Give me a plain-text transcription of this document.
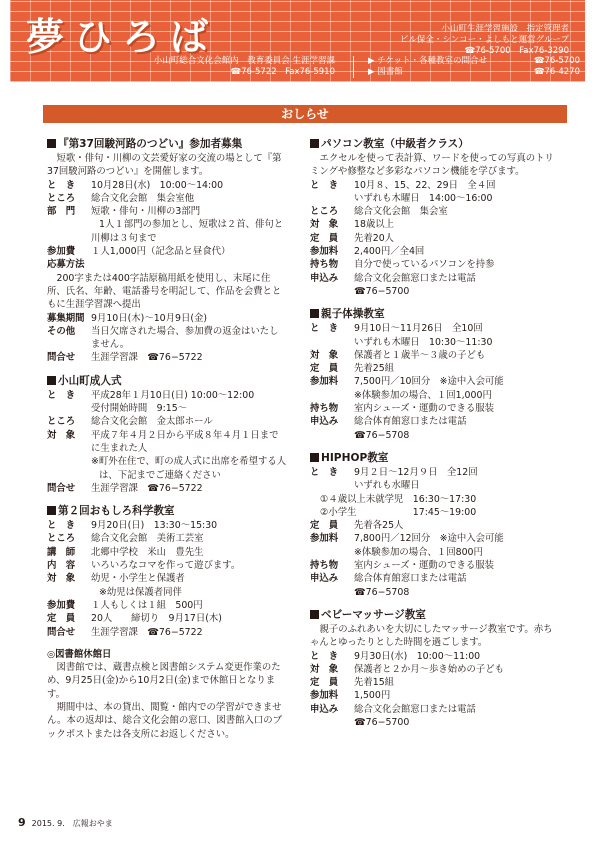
夢ひろば	小山町生涯学習施設　指定管理者
ビル保全・シンコー・よしもと運営グループ
☎76-5700　Fax76-3290
小山町総合文化会館内　教育委員会 生涯学習課
☎76-5722　Fax76-5910
▶ チケット・各種教室の問合せ
▶ 図書館
☎76-5700
☎76-4270
おしらせ
『第37回駿河路のつどい』参加者募集

短歌・俳句・川柳の文芸愛好家の交流の場として『第37回駿河路のつどい』を開催します。

と　き	10月28日(水)　10:00〜14:00
ところ	総合文化会館　集会室他
部　門	短歌・俳句・川柳の3部門
1人１部門の参加とし、短歌は２首、俳句と川柳は３句まで
参加費	１人1,000円（記念品と昼食代）
応募方法

200字または400字詰原稿用紙を使用し、末尾に住所、氏名、年齢、電話番号を明記して、作品を会費とともに生涯学習課へ提出

募集期間 9月10日(木)〜10月9日(金)
その他	当日欠席された場合、参加費の返金はいたしません。
問合せ	生涯学習課　☎76−5722
小山町成人式
と　き	平成28年１月10日(日) 10:00〜12:00
受付開始時間　9:15〜
ところ	総合文化会館　金太郎ホール
対　象	平成７年４月２日から平成８年４月１日までに生まれた人
※町外在住で、町の成人式に出席を希望する人は、下記までご連絡ください
問合せ	生涯学習課　☎76−5722
第２回おもしろ科学教室
と　き	9月20日(日)　13:30〜15:30
ところ	総合文化会館　美術工芸室
講　師	北郷中学校　米山　豊先生
内　容	いろいろなコマを作って遊びます。
対　象	幼児・小学生と保護者
※幼児は保護者同伴
参加費	１人もしくは１組　500円
定　員	20人　　締切り　9月17日(木)
問合せ	生涯学習課　☎76−5722
◎図書館休館日

図書館では、蔵書点検と図書館システム変更作業のため、9月25日(金)から10月2日(金)まで休館日となります。

期間中は、本の貸出、閲覧・館内での学習ができません。本の返却は、総合文化会館の窓口、図書館入口のブックポストまたは各支所にお返しください。

パソコン教室（中級者クラス）

エクセルを使って表計算、ワードを使っての写真のトリミングや修整など多彩なパソコン機能を学びます。

と　き	10月８、15、22、29日　全４回
いずれも木曜日　14:00〜16:00
ところ	総合文化会館　集会室
対　象	18歳以上
定　員	先着20人
参加料	2,400円／全4回
持ち物	自分で使っているパソコンを持参
申込み	総合文化会館窓口または電話
☎76−5700
親子体操教室
と　き	9月10日〜11月26日　全10回
いずれも木曜日　10:30〜11:30
対　象	保護者と１歳半〜３歳の子ども
定　員	先着25組
参加料	7,500円／10回分　※途中入会可能
※体験参加の場合、１回1,000円
持ち物	室内シューズ・運動のできる服装
申込み	総合体育館窓口または電話
☎76−5708
HIPHOP教室
と　き	9月２日〜12月９日　全12回
いずれも水曜日
①４歳以上未就学児　16:30〜17:30
②小学生　　　　　　17:45〜19:00
定　員	先着各25人
参加料	7,800円／12回分　※途中入会可能
※体験参加の場合、１回800円
持ち物	室内シューズ・運動のできる服装
申込み	総合体育館窓口または電話
☎76−5708
ベビーマッサージ教室

親子のふれあいを大切にしたマッサージ教室です。赤ちゃんとゆったりとした時間を過ごします。

と　き	9月30日(水)　10:00〜11:00
対　象	保護者と２か月〜歩き始めの子ども
定　員	先着15組
参加料	1,500円
申込み	総合文化会館窓口または電話
☎76−5700
9 2015. 9.　広報おやま
